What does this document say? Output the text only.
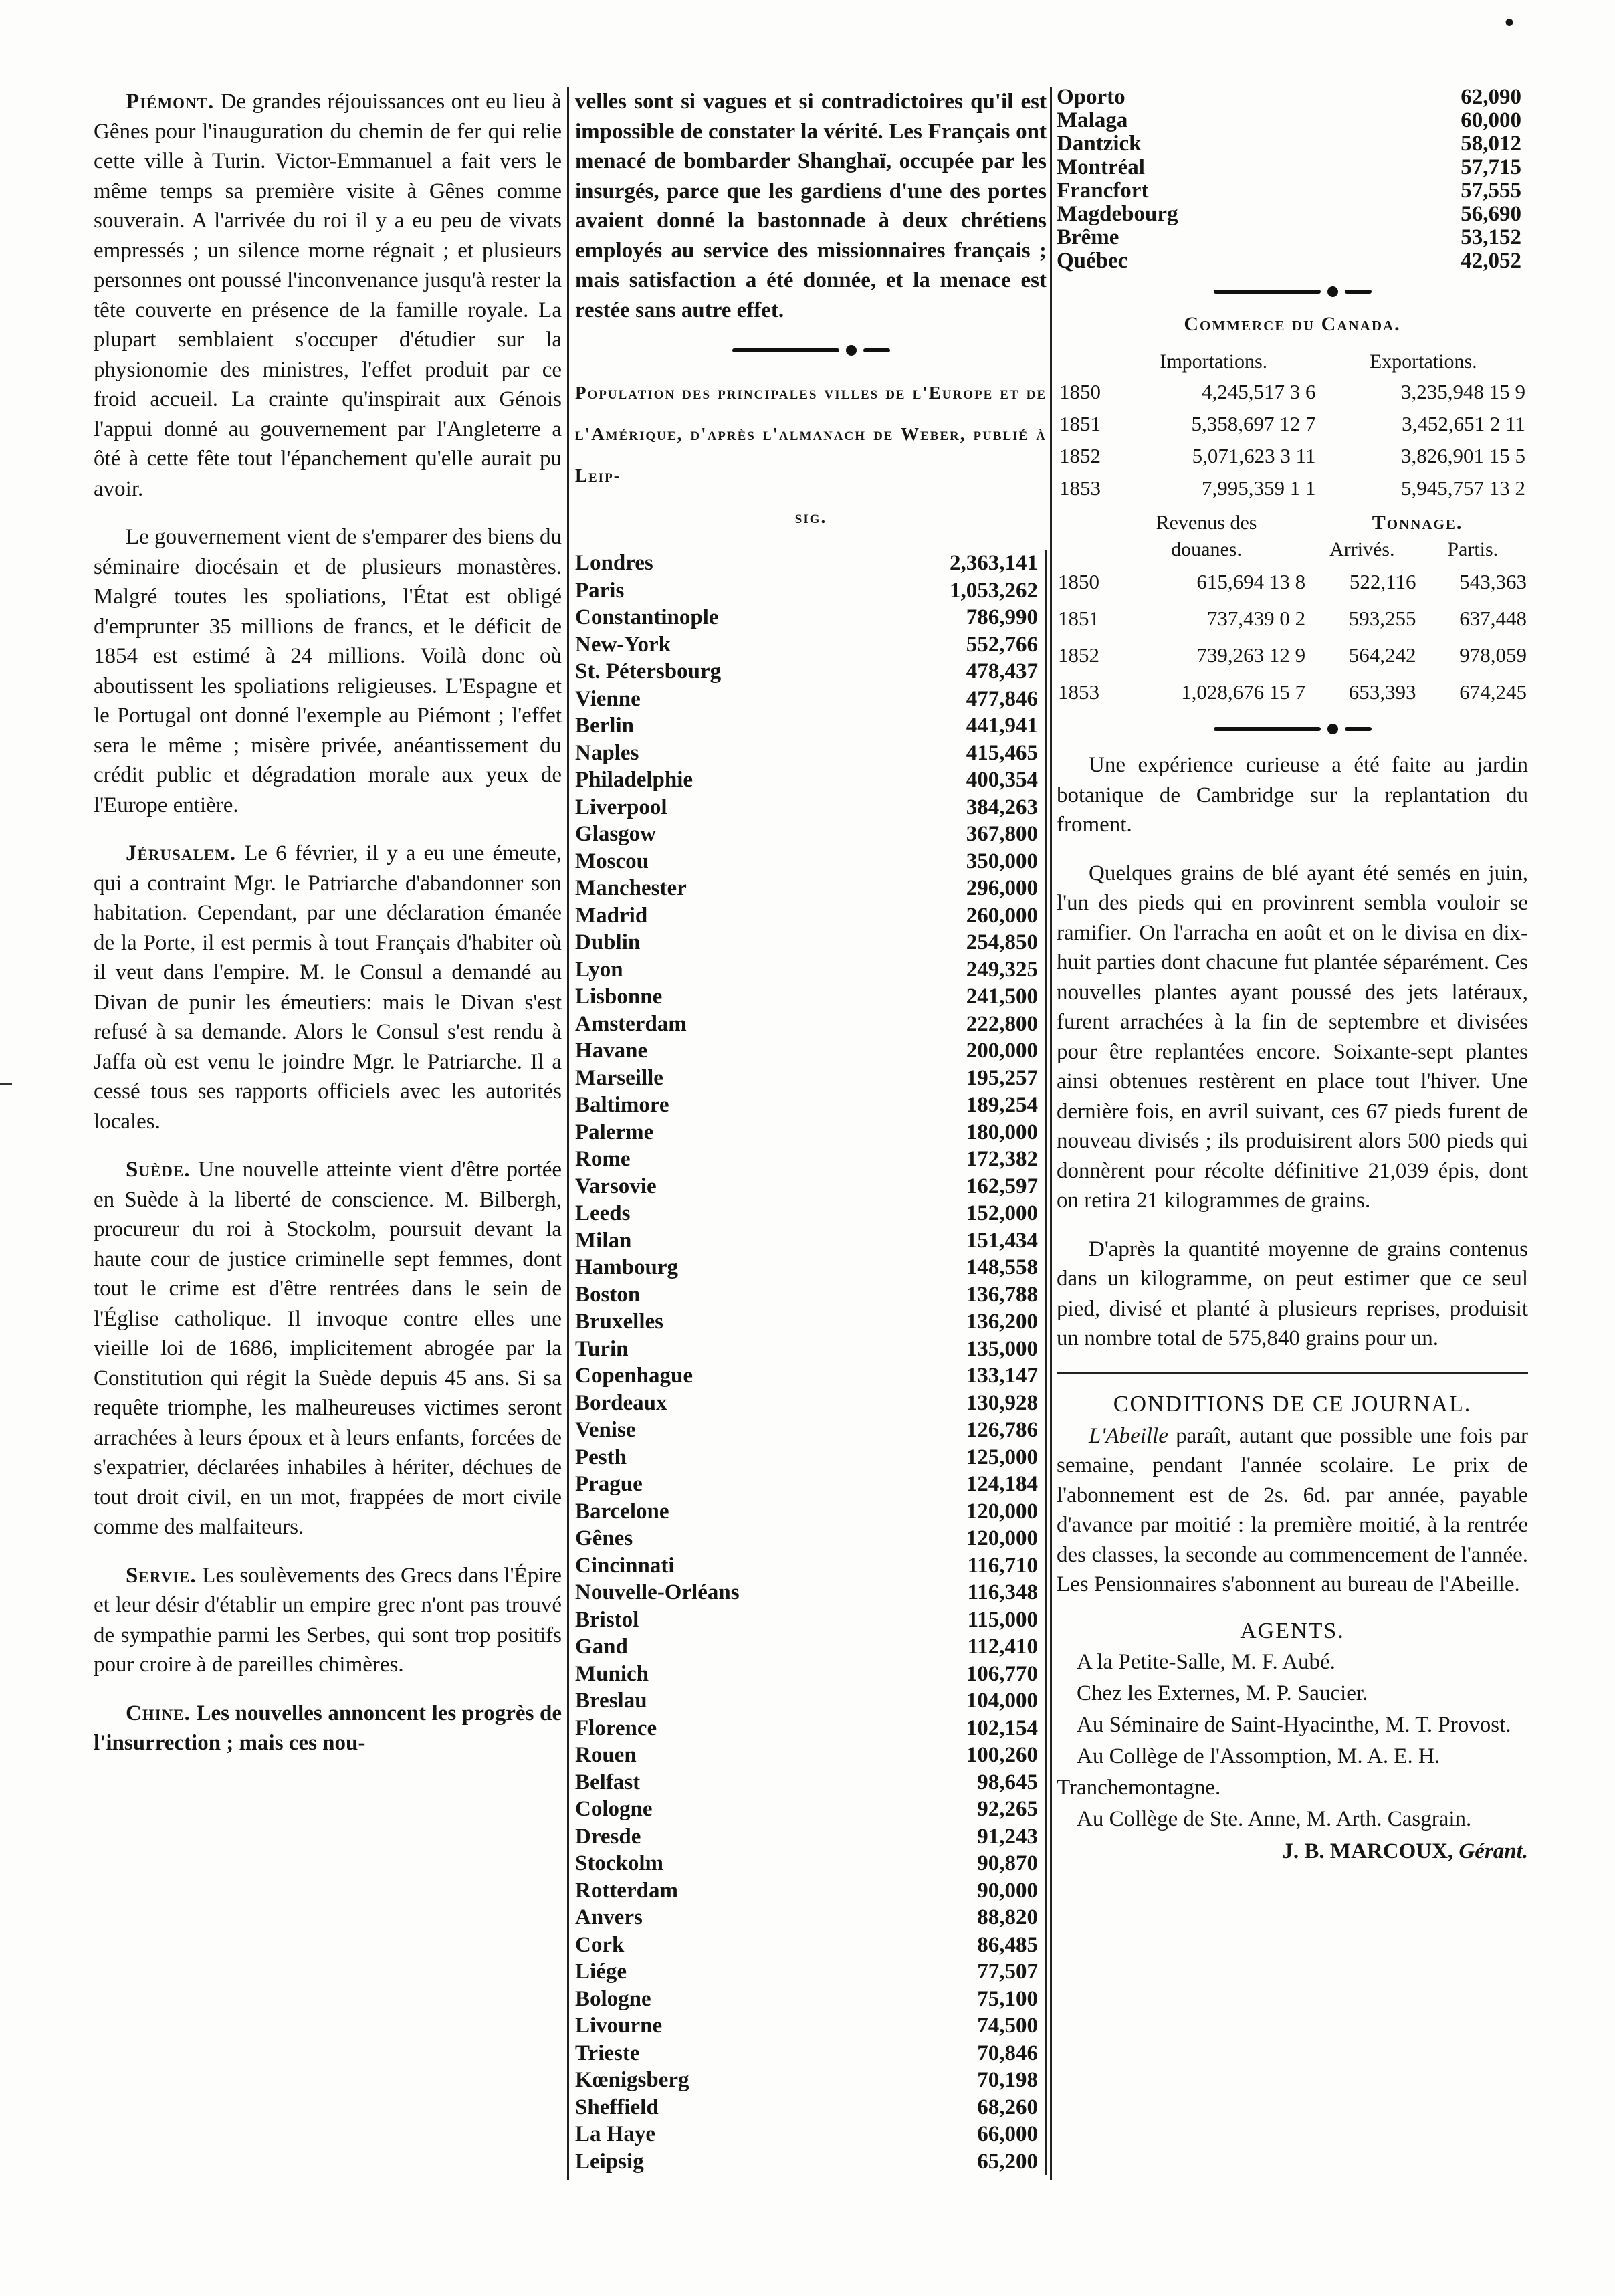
•

Piémont. De grandes réjouissances ont eu lieu à Gênes pour l'inauguration du chemin de fer qui relie cette ville à Turin. Victor-Emmanuel a fait vers le même temps sa première visite à Gênes comme souverain. A l'arrivée du roi il y a eu peu de vivats empressés ; un silence morne régnait ; et plusieurs personnes ont poussé l'inconvenance jusqu'à rester la tête couverte en présence de la famille royale. La plupart semblaient s'occuper d'étudier sur la physionomie des ministres, l'effet produit par ce froid accueil. La crainte qu'inspirait aux Génois l'appui donné au gouvernement par l'Angleterre a ôté à cette fête tout l'épanchement qu'elle aurait pu avoir.

Le gouvernement vient de s'emparer des biens du séminaire diocésain et de plusieurs monastères. Malgré toutes les spoliations, l'État est obligé d'emprunter 35 millions de francs, et le déficit de 1854 est estimé à 24 millions. Voilà donc où aboutissent les spoliations religieuses. L'Espagne et le Portugal ont donné l'exemple au Piémont ; l'effet sera le même ; misère privée, anéantissement du crédit public et dégradation morale aux yeux de l'Europe entière.

Jérusalem. Le 6 février, il y a eu une émeute, qui a contraint Mgr. le Patriarche d'abandonner son habitation. Cependant, par une déclaration émanée de la Porte, il est permis à tout Français d'habiter où il veut dans l'empire. M. le Consul a demandé au Divan de punir les émeutiers: mais le Divan s'est refusé à sa demande. Alors le Consul s'est rendu à Jaffa où est venu le joindre Mgr. le Patriarche. Il a cessé tous ses rapports officiels avec les autorités locales.

Suède. Une nouvelle atteinte vient d'être portée en Suède à la liberté de conscience. M. Bilbergh, procureur du roi à Stockolm, poursuit devant la haute cour de justice criminelle sept femmes, dont tout le crime est d'être rentrées dans le sein de l'Église catholique. Il invoque contre elles une vieille loi de 1686, implicitement abrogée par la Constitution qui régit la Suède depuis 45 ans. Si sa requête triomphe, les malheureuses victimes seront arrachées à leurs époux et à leurs enfants, forcées de s'expatrier, déclarées inhabiles à hériter, déchues de tout droit civil, en un mot, frappées de mort civile comme des malfaiteurs.

Servie. Les soulèvements des Grecs dans l'Épire et leur désir d'établir un empire grec n'ont pas trouvé de sympathie parmi les Serbes, qui sont trop positifs pour croire à de pareilles chimères.

Chine. Les nouvelles annoncent les progrès de l'insurrection ; mais ces nou-

velles sont si vagues et si contradictoires qu'il est impossible de constater la vérité. Les Français ont menacé de bombarder Shanghaï, occupée par les insurgés, parce que les gardiens d'une des portes avaient donné la bastonnade à deux chrétiens employés au service des missionnaires français ; mais satisfaction a été donnée, et la menace est restée sans autre effet.

Population des principales villes de l'Europe et de l'Amérique, d'après l'almanach de Weber, publié à Leip-
sig.
Londres	2,363,141
Paris	1,053,262
Constantinople	786,990
New-York	552,766
St. Pétersbourg	478,437
Vienne	477,846
Berlin	441,941
Naples	415,465
Philadelphie	400,354
Liverpool	384,263
Glasgow	367,800
Moscou	350,000
Manchester	296,000
Madrid	260,000
Dublin	254,850
Lyon	249,325
Lisbonne	241,500
Amsterdam	222,800
Havane	200,000
Marseille	195,257
Baltimore	189,254
Palerme	180,000
Rome	172,382
Varsovie	162,597
Leeds	152,000
Milan	151,434
Hambourg	148,558
Boston	136,788
Bruxelles	136,200
Turin	135,000
Copenhague	133,147
Bordeaux	130,928
Venise	126,786
Pesth	125,000
Prague	124,184
Barcelone	120,000
Gênes	120,000
Cincinnati	116,710
Nouvelle-Orléans	116,348
Bristol	115,000
Gand	112,410
Munich	106,770
Breslau	104,000
Florence	102,154
Rouen	100,260
Belfast	98,645
Cologne	92,265
Dresde	91,243
Stockolm	90,870
Rotterdam	90,000
Anvers	88,820
Cork	86,485
Liége	77,507
Bologne	75,100
Livourne	74,500
Trieste	70,846
Kœnigsberg	70,198
Sheffield	68,260
La Haye	66,000
Leipsig	65,200
Oporto	62,090
Malaga	60,000
Dantzick	58,012
Montréal	57,715
Francfort	57,555
Magdebourg	56,690
Brême	53,152
Québec	42,052
Commerce du Canada.
	Importations.	Exportations.
1850	4,245,517 3 6	3,235,948 15 9
1851	5,358,697 12 7	3,452,651 2 11
1852	5,071,623 3 11	3,826,901 15 5
1853	7,995,359 1 1	5,945,757 13 2
	Revenus des	Tonnage.	
	douanes.	Arrivés.	Partis.
1850	615,694 13 8	522,116	543,363
1851	737,439 0 2	593,255	637,448
1852	739,263 12 9	564,242	978,059
1853	1,028,676 15 7	653,393	674,245

Une expérience curieuse a été faite au jardin botanique de Cambridge sur la replantation du froment.

Quelques grains de blé ayant été semés en juin, l'un des pieds qui en provinrent sembla vouloir se ramifier. On l'arracha en août et on le divisa en dix-huit parties dont chacune fut plantée séparément. Ces nouvelles plantes ayant poussé des jets latéraux, furent arrachées à la fin de septembre et divisées pour être replantées encore. Soixante-sept plantes ainsi obtenues restèrent en place tout l'hiver. Une dernière fois, en avril suivant, ces 67 pieds furent de nouveau divisés ; ils produisirent alors 500 pieds qui donnèrent pour récolte définitive 21,039 épis, dont on retira 21 kilogrammes de grains.

D'après la quantité moyenne de grains contenus dans un kilogramme, on peut estimer que ce seul pied, divisé et planté à plusieurs reprises, produisit un nombre total de 575,840 grains pour un.

CONDITIONS DE CE JOURNAL.

L'Abeille paraît, autant que possible une fois par semaine, pendant l'année scolaire. Le prix de l'abonnement est de 2s. 6d. par année, payable d'avance par moitié : la première moitié, à la rentrée des classes, la seconde au commencement de l'année. Les Pensionnaires s'abonnent au bureau de l'Abeille.

AGENTS.

A la Petite-Salle, M. F. Aubé.

Chez les Externes, M. P. Saucier.

Au Séminaire de Saint-Hyacinthe, M. T. Provost.

Au Collège de l'Assomption, M. A. E. H. Tranchemontagne.

Au Collège de Ste. Anne, M. Arth. Casgrain.

J. B. MARCOUX, Gérant.
